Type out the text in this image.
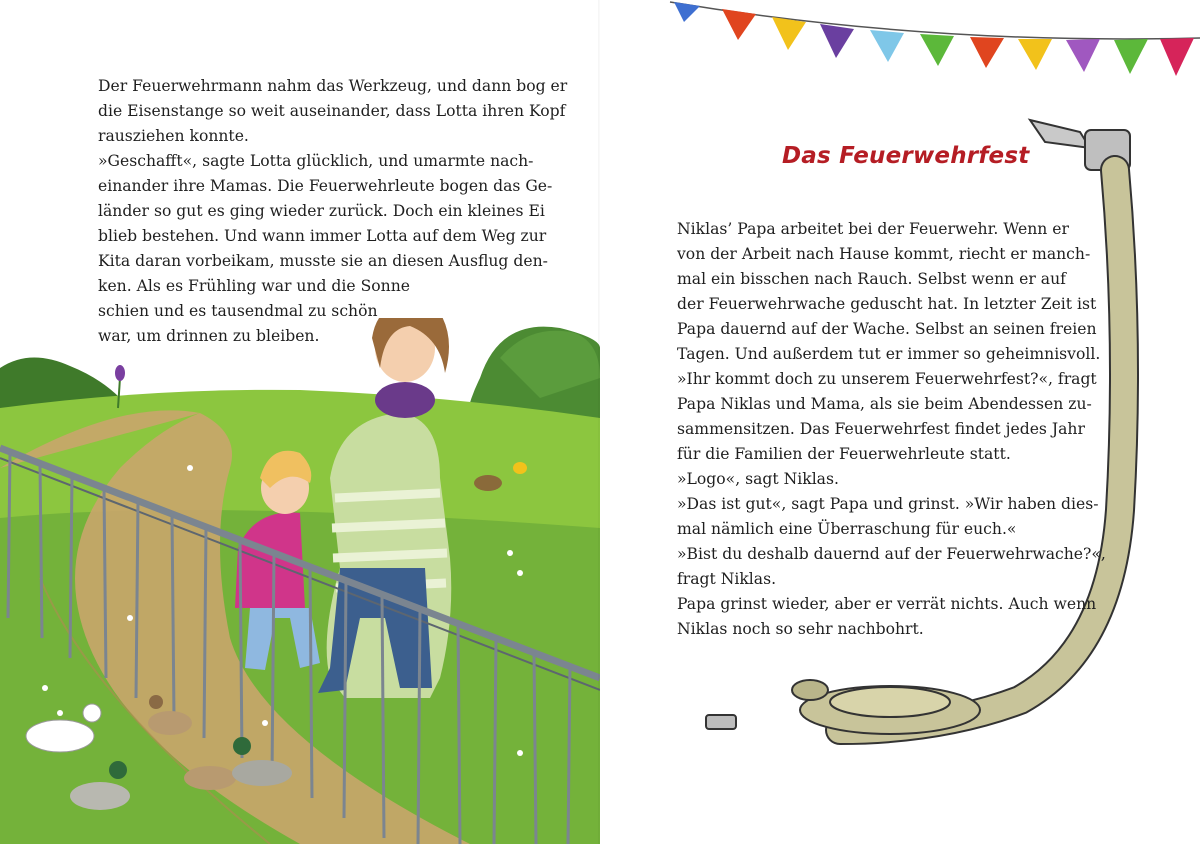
Der Feuerwehrmann nahm das Werkzeug, und dann bog er
die Eisenstange so weit auseinander, dass Lotta ihren Kopf
rausziehen konnte.
»Geschafft«, sagte Lotta glücklich, und umarmte nach-
einander ihre Mamas. Die Feuerwehrleute bogen das Ge-
länder so gut es ging wieder zurück. Doch ein kleines Ei
blieb bestehen. Und wann immer Lotta auf dem Weg zur
Kita daran vorbeikam, musste sie an diesen Ausflug den-
ken. Als es Frühling war und die Sonne
schien und es tausendmal zu schön
war, um drinnen zu bleiben.
Das Feuerwehrfest
Niklas’ Papa arbeitet bei der Feuerwehr. Wenn er
von der Arbeit nach Hause kommt, riecht er manch-
mal ein bisschen nach Rauch. Selbst wenn er auf
der Feuerwehrwache geduscht hat. In letzter Zeit ist
Papa dauernd auf der Wache. Selbst an seinen freien
Tagen. Und außerdem tut er immer so geheimnisvoll.
»Ihr kommt doch zu unserem Feuerwehrfest?«, fragt
Papa Niklas und Mama, als sie beim Abendessen zu-
sammensitzen. Das Feuerwehrfest findet jedes Jahr
für die Familien der Feuerwehrleute statt.
»Logo«, sagt Niklas.
»Das ist gut«, sagt Papa und grinst. »Wir haben dies-
mal nämlich eine Überraschung für euch.«
»Bist du deshalb dauernd auf der Feuerwehrwache?«,
fragt Niklas.
Papa grinst wieder, aber er verrät nichts. Auch wenn
Niklas noch so sehr nachbohrt.
